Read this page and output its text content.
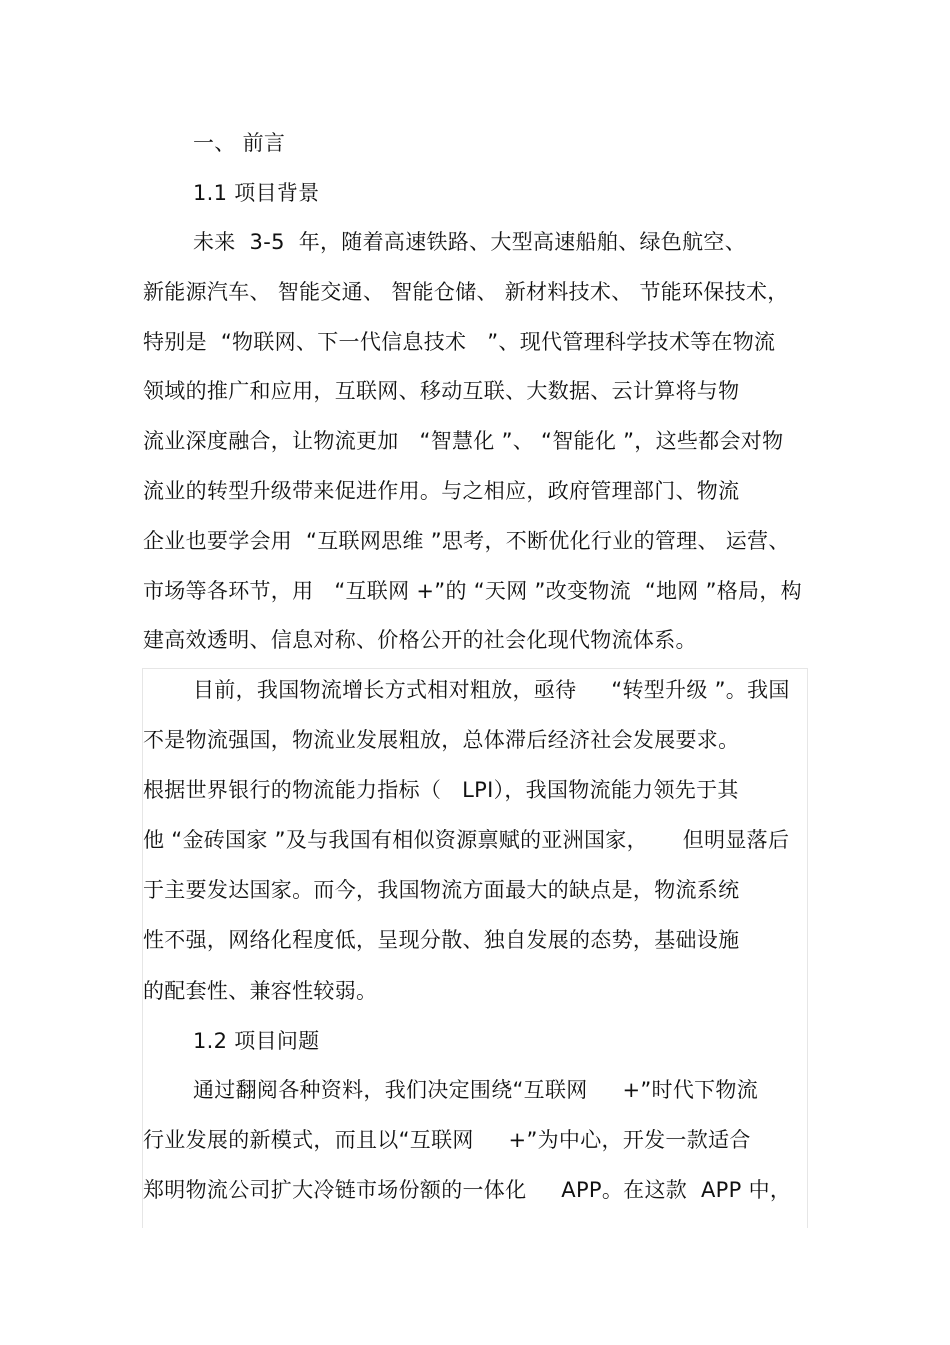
一、 前言
1.1 项目背景
未来  3-5  年，随着高速铁路、大型高速船舶、绿色航空、
新能源汽车、 智能交通、 智能仓储、 新材料技术、 节能环保技术，
特别是  “物联网、下一代信息技术   ”、现代管理科学技术等在物流
领域的推广和应用，互联网、移动互联、大数据、云计算将与物
流业深度融合，让物流更加   “智慧化 ”、 “智能化 ”，这些都会对物
流业的转型升级带来促进作用。与之相应，政府管理部门、物流
企业也要学会用  “互联网思维 ”思考，不断优化行业的管理、 运营、
市场等各环节，用   “互联网 +”的 “天网 ”改变物流  “地网 ”格局，构
建高效透明、信息对称、价格公开的社会化现代物流体系。
目前，我国物流增长方式相对粗放，亟待     “转型升级 ”。我国
不是物流强国，物流业发展粗放，总体滞后经济社会发展要求。
根据世界银行的物流能力指标（   LPI），我国物流能力领先于其
他 “金砖国家 ”及与我国有相似资源禀赋的亚洲国家，     但明显落后
于主要发达国家。而今，我国物流方面最大的缺点是，物流系统
性不强，网络化程度低，呈现分散、独自发展的态势，基础设施
的配套性、兼容性较弱。
1.2 项目问题
通过翻阅各种资料，我们决定围绕“互联网     +”时代下物流
行业发展的新模式，而且以“互联网     +”为中心，开发一款适合
郑明物流公司扩大冷链市场份额的一体化     APP。在这款  APP 中，
